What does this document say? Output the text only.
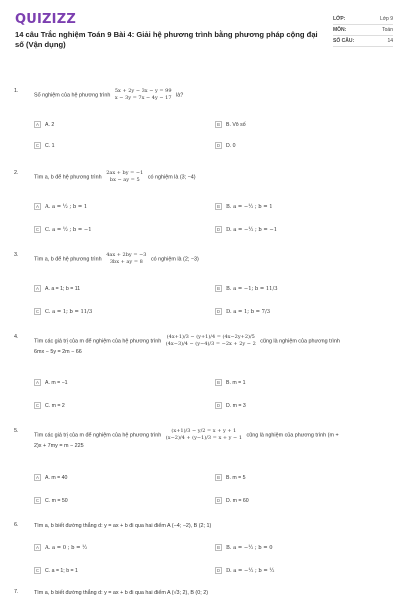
QUIZIZZ
14 câu Trắc nghiệm Toán 9 Bài 4: Giải hệ phương trình bằng phương pháp cộng đại số (Vận dụng)
LỚP:	Lớp 9
MÔN:	Toán
SỐ CÂU:	14
1.
Số nghiệm của hệ phương trình
5x + 2y − 3x − y = 99
x − 3y = 7x − 4y − 17 là?
A	A. 2	B	B. Vô số
C	C. 1	D	D. 0
2.
Tìm a, b để hệ phương trình
2ax + by = −1
bx − ay = 5	có nghiệm là (3; −4)
A	A. a = ½ ; b = 1	B	B. a = −½ ; b = 1
C	C. a = ½ ; b = −1	D	D. a = −½ ; b = −1
3.
Tìm a, b để hệ phương trình
4ax + 2by = −3
3bx + ay = 8	có nghiệm là (2; −3)
A	A. a = 1; b = 11	B	B. a = −1; b = 11/3
C	C. a = 1; b = 11/3	D	D. a = 1; b = 7/3
4.
Tìm các giá trị của m để nghiệm của hệ phương trình
(4x+1)/3 − (y+1)/4 = (4x−2y+2)/5
(4x−3)/4 − (y−4)/3 = −2x + 2y − 2 cũng là nghiệm của phương trình
6mx − 5y = 2m − 66
A	A. m = −1	B	B. m = 1
C	C. m = 2	D	D. m = 3
5.
Tìm các giá trị của m để nghiệm của hệ phương trình
(x+1)/3 − y/2 = x + y + 1
(x−2)/4 + (y−1)/3 = x + y − 1 cũng là nghiệm của phương trình (m +
2)x + 7my = m − 225
A	A. m = 40	B	B. m = 5
C	C. m = 50	D	D. m = 60
6.	Tìm a, b biết đường thẳng d: y = ax + b đi qua hai điểm A (−4; −2), B (2; 1)
A	A. a = 0 ; b = ½	B	B. a = −½ ; b = 0
C	C. a = 1; b = 1	D	D. a = −½ ; b = ½
7.	Tìm a, b biết đường thẳng d: y = ax + b đi qua hai điểm A (√3; 2), B (0; 2)
